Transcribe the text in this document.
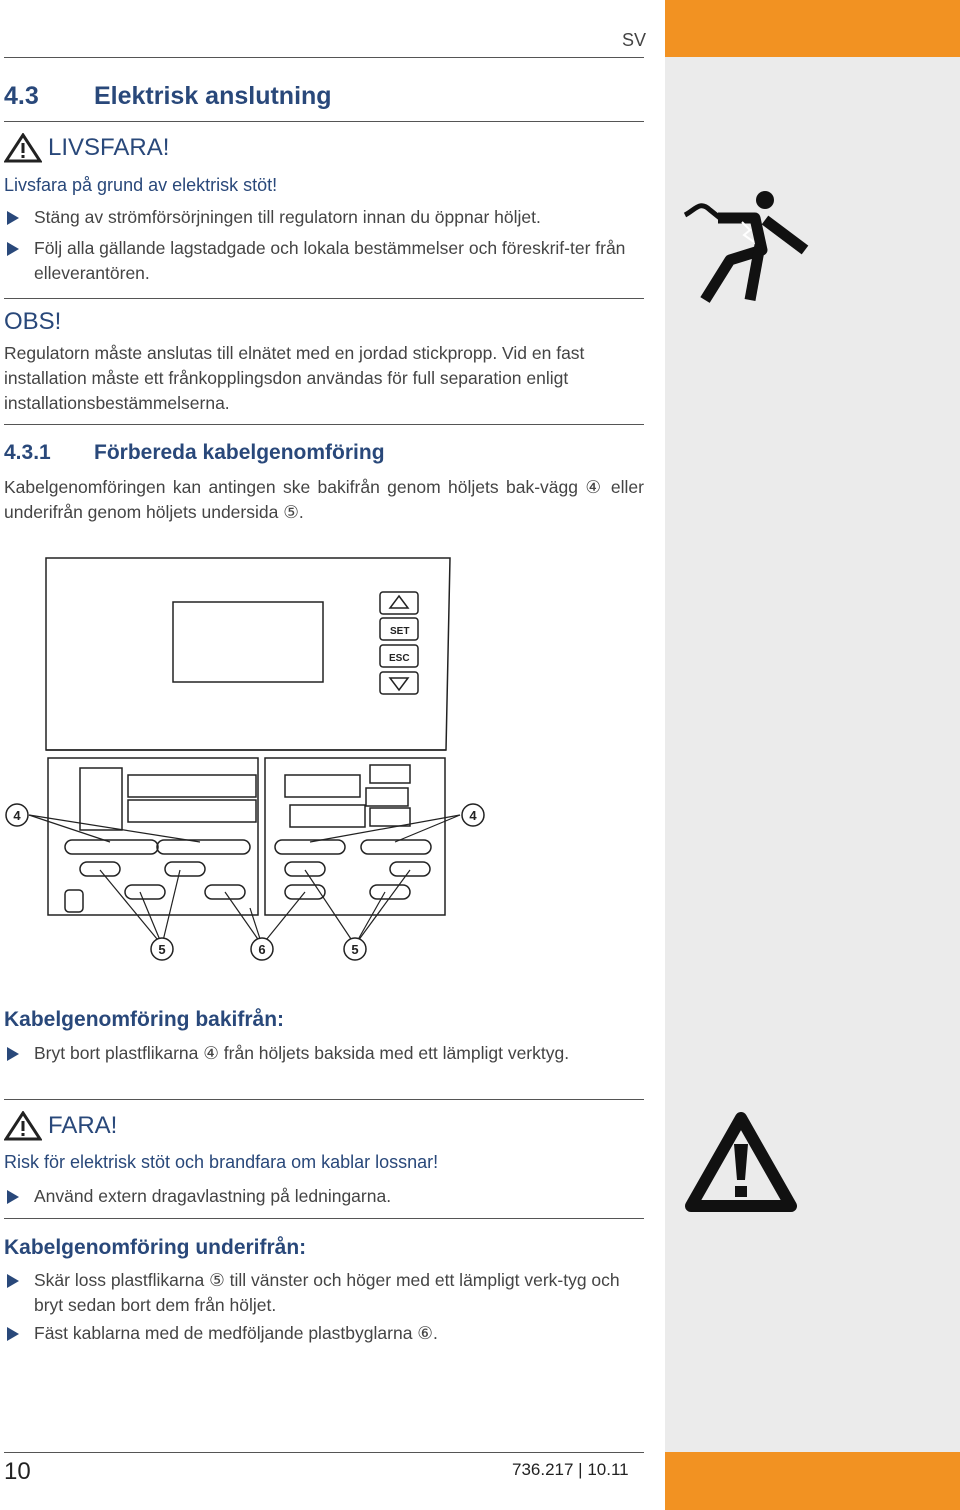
SV
4.3 Elektrisk anslutning
LIVSFARA!
Livsfara på grund av elektrisk stöt!
Stäng av strömförsörjningen till regulatorn innan du öppnar höljet.
Följ alla gällande lagstadgade och lokala bestämmelser och föreskrif-ter från elleverantören.
OBS!
Regulatorn måste anslutas till elnätet med en jordad stickpropp. Vid en fast installation måste ett frånkopplingsdon användas för full separation enligt installationsbestämmelserna.
4.3.1 Förbereda kabelgenomföring
Kabelgenomföringen kan antingen ske bakifrån genom höljets bak-vägg ④ eller underifrån genom höljets undersida ⑤.
SET
ESC
4	4
5	6	5
Kabelgenomföring bakifrån:
Bryt bort plastflikarna ④ från höljets baksida med ett lämpligt verktyg.
FARA!
Risk för elektrisk stöt och brandfara om kablar lossnar!
Använd extern dragavlastning på ledningarna.
Kabelgenomföring underifrån:
Skär loss plastflikarna ⑤ till vänster och höger med ett lämpligt verk-tyg och bryt sedan bort dem från höljet.
Fäst kablarna med de medföljande plastbyglarna ⑥.
10	736.217 | 10.11
